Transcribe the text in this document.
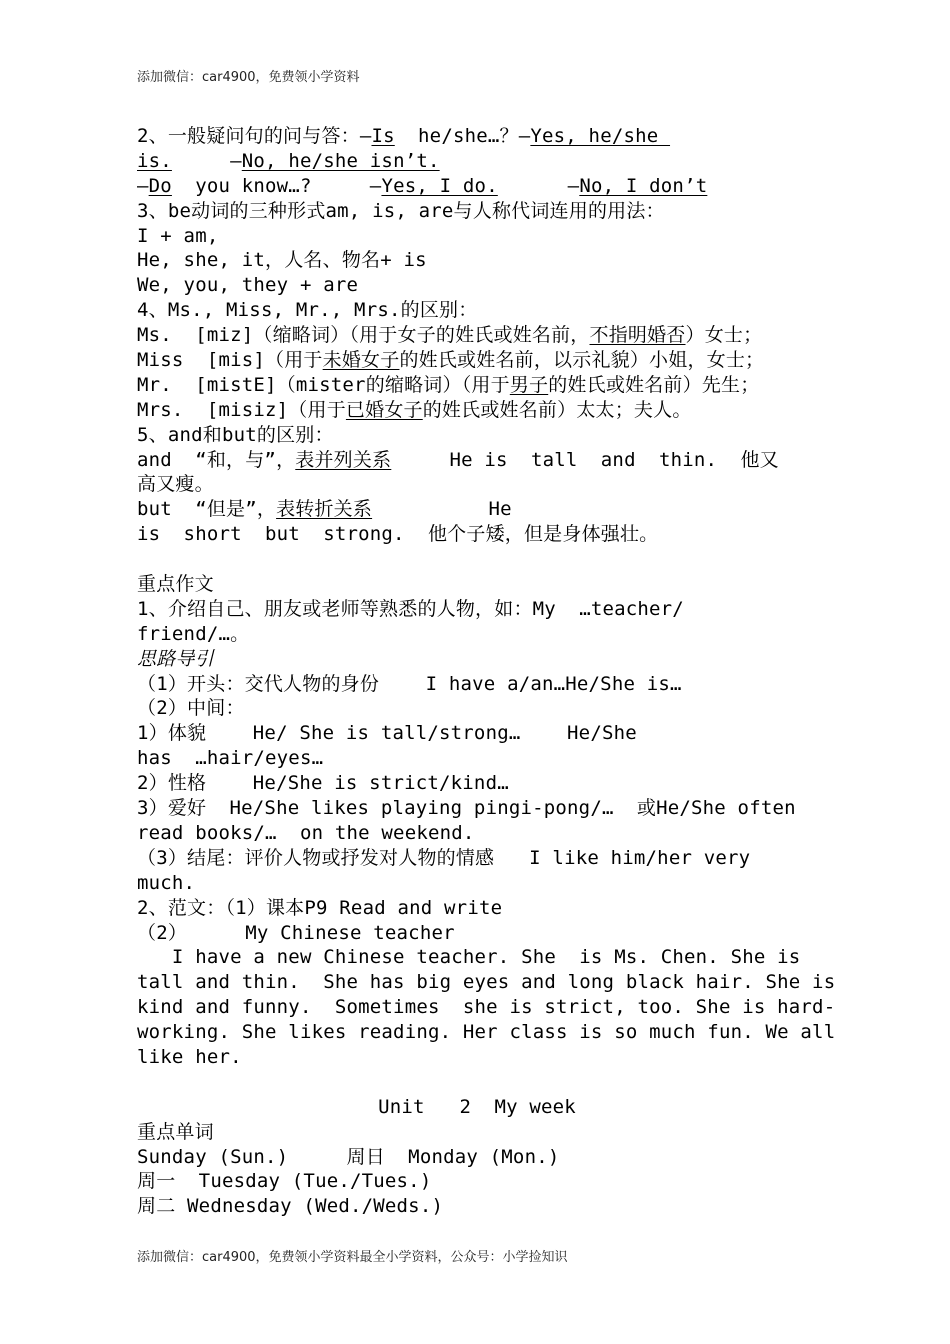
添加微信：car4900，免费领小学资料
2、一般疑问句的问与答：—Is  he/she…？—Yes, he/she
is.     —No, he/she isn’t.
—Do  you know…?     —Yes, I do.      —No, I don’t
3、be动词的三种形式am, is, are与人称代词连用的用法：
I + am,
He, she, it，人名、物名+ is
We, you, they + are
4、Ms., Miss, Mr., Mrs.的区别：
Ms.  [miz]（缩略词）（用于女子的姓氏或姓名前，不指明婚否）女士；
Miss  [mis]（用于未婚女子的姓氏或姓名前，以示礼貌）小姐，女士；
Mr.  [mistE]（mister的缩略词）（用于男子的姓氏或姓名前）先生；
Mrs.  [misiz]（用于已婚女子的姓氏或姓名前）太太；夫人。
5、and和but的区别：
and  “和，与”，表并列关系     He is  tall  and  thin.  他又
高又瘦。
but  “但是”，表转折关系          He
is  short  but  strong.  他个子矮，但是身体强壮。
重点作文
1、介绍自己、朋友或老师等熟悉的人物，如：My  …teacher/
friend/…。
思路导引
（1）开头：交代人物的身份    I have a/an…He/She is…
（2）中间：
1）体貌    He/ She is tall/strong…    He/She
has  …hair/eyes…
2）性格    He/She is strict/kind…
3）爱好  He/She likes playing pingi-pong/…  或He/She often
read books/…  on the weekend.
（3）结尾：评价人物或抒发对人物的情感   I like him/her very
much.
2、范文：（1）课本P9 Read and write
（2）     My Chinese teacher
I have a new Chinese teacher. She  is Ms. Chen. She is
tall and thin.  She has big eyes and long black hair. She is
kind and funny.  Sometimes  she is strict, too. She is hard-
working. She likes reading. Her class is so much fun. We all
like her.
Unit   2  My week
重点单词
Sunday (Sun.)     周日  Monday (Mon.)
周一  Tuesday (Tue./Tues.)
周二 Wednesday (Wed./Weds.)
添加微信：car4900，免费领小学资料最全小学资料，公众号：小学捡知识
